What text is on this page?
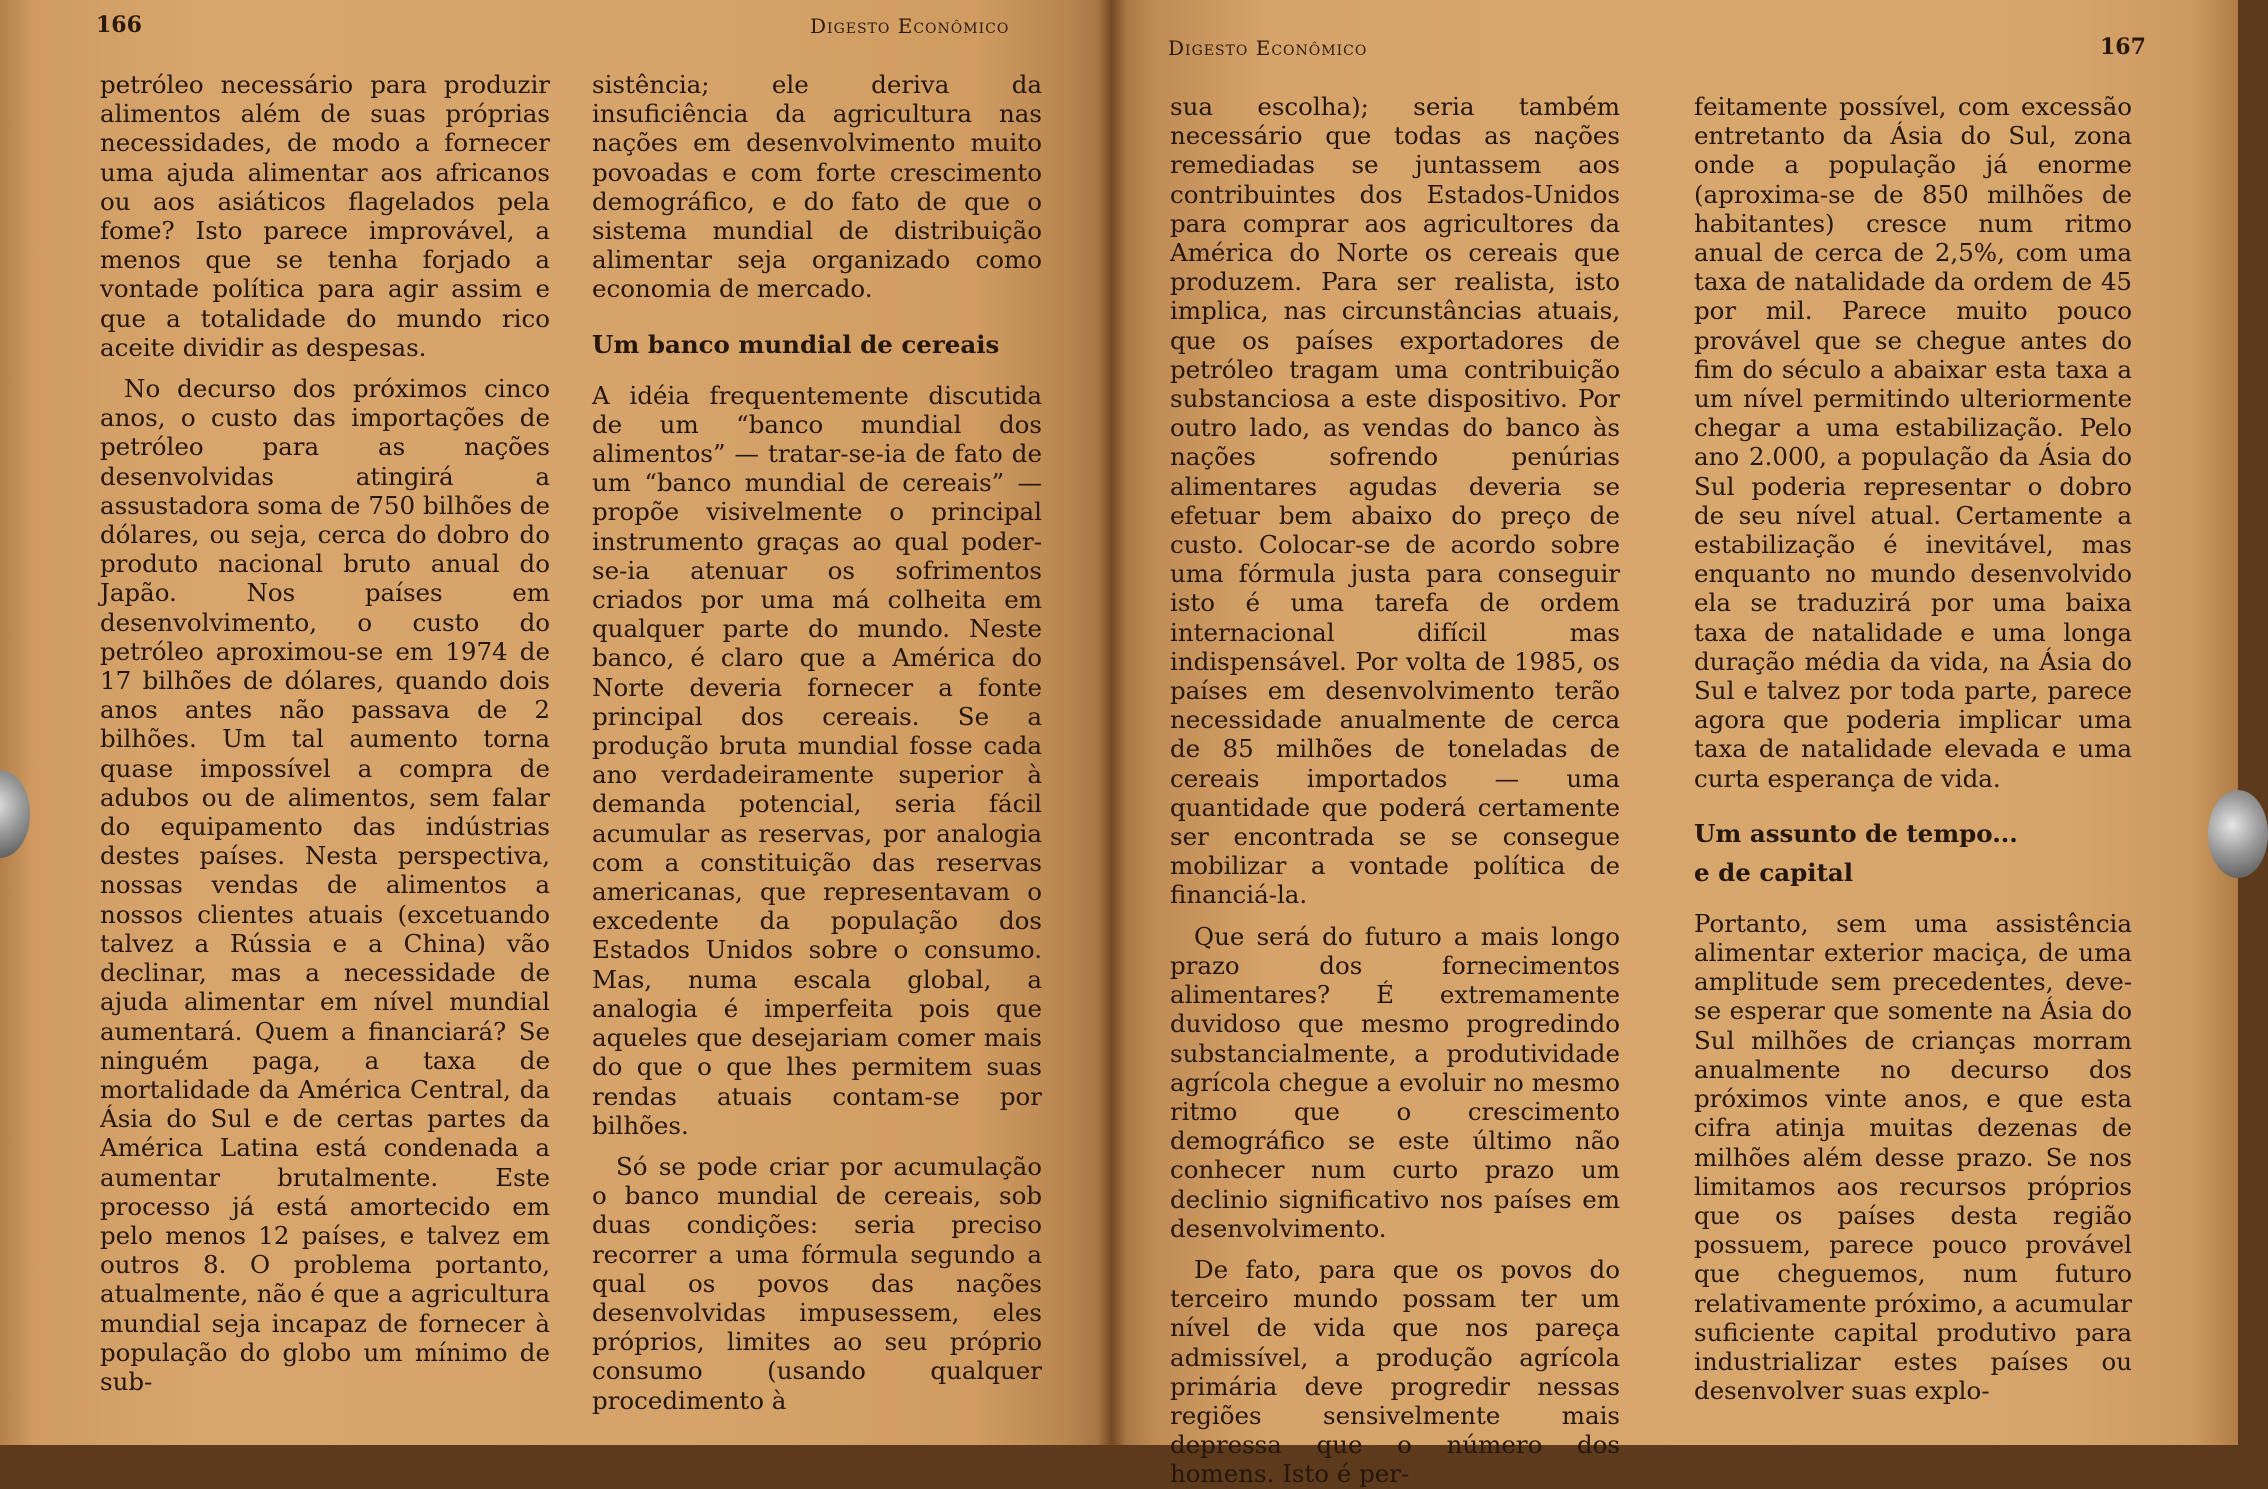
166	Digesto Econômico

petróleo necessário para produzir alimentos além de suas próprias necessidades, de modo a fornecer uma ajuda alimentar aos africanos ou aos asiáticos flagelados pela fome? Isto parece improvável, a menos que se tenha forjado a vontade política para agir assim e que a totalidade do mundo rico aceite dividir as despesas.

No decurso dos próximos cinco anos, o custo das importações de petróleo para as nações desenvolvidas atingirá a assustadora soma de 750 bilhões de dólares, ou seja, cerca do dobro do produto nacional bruto anual do Japão. Nos países em desenvolvimento, o custo do petróleo aproximou-se em 1974 de 17 bilhões de dólares, quando dois anos antes não passava de 2 bilhões. Um tal aumento torna quase impossível a compra de adubos ou de alimentos, sem falar do equipamento das indústrias destes países. Nesta perspectiva, nossas vendas de alimentos a nossos clientes atuais (excetuando talvez a Rússia e a China) vão declinar, mas a necessidade de ajuda alimentar em nível mundial aumentará. Quem a financiará? Se ninguém paga, a taxa de mortalidade da América Central, da Ásia do Sul e de certas partes da América Latina está condenada a aumentar brutalmente. Este processo já está amortecido em pelo menos 12 países, e talvez em outros 8. O problema portanto, atualmente, não é que a agricultura mundial seja incapaz de fornecer à população do globo um mínimo de sub-

sistência; ele deriva da insuficiência da agricultura nas nações em desenvolvimento muito povoadas e com forte crescimento demográfico, e do fato de que o sistema mundial de distribuição alimentar seja organizado como economia de mercado.

Um banco mundial de cereais

A idéia frequentemente discutida de um “banco mundial dos alimentos” — tratar-se-ia de fato de um “banco mundial de cereais” — propõe visivelmente o principal instrumento graças ao qual poder-se-ia atenuar os sofrimentos criados por uma má colheita em qualquer parte do mundo. Neste banco, é claro que a América do Norte deveria fornecer a fonte principal dos cereais. Se a produção bruta mundial fosse cada ano verdadeiramente superior à demanda potencial, seria fácil acumular as reservas, por analogia com a constituição das reservas americanas, que representavam o excedente da população dos Estados Unidos sobre o consumo. Mas, numa escala global, a analogia é imperfeita pois que aqueles que desejariam comer mais do que o que lhes permitem suas rendas atuais contam-se por bilhões.

Só se pode criar por acumulação o banco mundial de cereais, sob duas condições: seria preciso recorrer a uma fórmula segundo a qual os povos das nações desenvolvidas impusessem, eles próprios, limites ao seu próprio consumo (usando qualquer procedimento à

Digesto Econômico	167

sua escolha); seria também necessário que todas as nações remediadas se juntassem aos contribuintes dos Estados-Unidos para comprar aos agricultores da América do Norte os cereais que produzem. Para ser realista, isto implica, nas circunstâncias atuais, que os países exportadores de petróleo tragam uma contribuição substanciosa a este dispositivo. Por outro lado, as vendas do banco às nações sofrendo penúrias alimentares agudas deveria se efetuar bem abaixo do preço de custo. Colocar-se de acordo sobre uma fórmula justa para conseguir isto é uma tarefa de ordem internacional difícil mas indispensável. Por volta de 1985, os países em desenvolvimento terão necessidade anualmente de cerca de 85 milhões de toneladas de cereais importados — uma quantidade que poderá certamente ser encontrada se se consegue mobilizar a vontade política de financiá-la.

Que será do futuro a mais longo prazo dos fornecimentos alimentares? É extremamente duvidoso que mesmo progredindo substancialmente, a produtividade agrícola chegue a evoluir no mesmo ritmo que o crescimento demográfico se este último não conhecer num curto prazo um declinio significativo nos países em desenvolvimento.

De fato, para que os povos do terceiro mundo possam ter um nível de vida que nos pareça admissível, a produção agrícola primária deve progredir nessas regiões sensivelmente mais depressa que o número dos homens. Isto é per-

feitamente possível, com excessão entretanto da Ásia do Sul, zona onde a população já enorme (aproxima-se de 850 milhões de habitantes) cresce num ritmo anual de cerca de 2,5%, com uma taxa de natalidade da ordem de 45 por mil. Parece muito pouco provável que se chegue antes do fim do século a abaixar esta taxa a um nível permitindo ulteriormente chegar a uma estabilização. Pelo ano 2.000, a população da Ásia do Sul poderia representar o dobro de seu nível atual. Certamente a estabilização é inevitável, mas enquanto no mundo desenvolvido ela se traduzirá por uma baixa taxa de natalidade e uma longa duração média da vida, na Ásia do Sul e talvez por toda parte, parece agora que poderia implicar uma taxa de natalidade elevada e uma curta esperança de vida.

Um assunto de tempo...
e de capital

Portanto, sem uma assistência alimentar exterior maciça, de uma amplitude sem precedentes, deve-se esperar que somente na Ásia do Sul milhões de crianças morram anualmente no decurso dos próximos vinte anos, e que esta cifra atinja muitas dezenas de milhões além desse prazo. Se nos limitamos aos recursos próprios que os países desta região possuem, parece pouco provável que cheguemos, num futuro relativamente próximo, a acumular suficiente capital produtivo para industrializar estes países ou desenvolver suas explo-
